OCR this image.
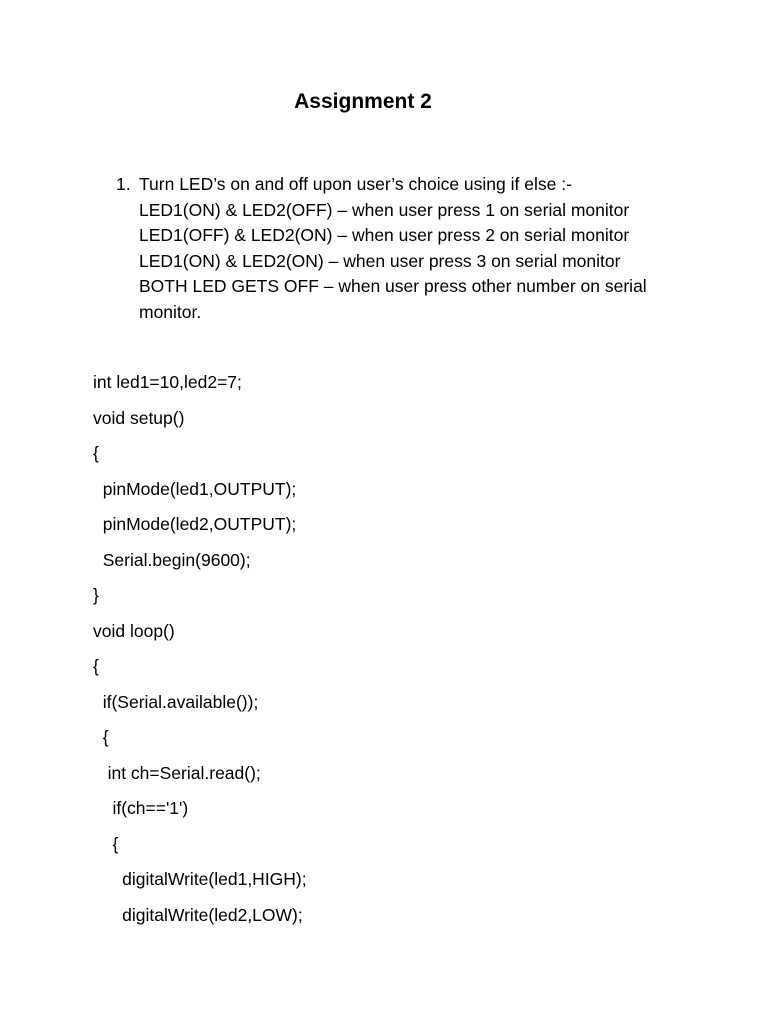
Assignment 2
1. Turn LED’s on and off upon user’s choice using if else :-
LED1(ON) & LED2(OFF) – when user press 1 on serial monitor
LED1(OFF) & LED2(ON) – when user press 2 on serial monitor
LED1(ON) & LED2(ON) – when user press 3 on serial monitor
BOTH LED GETS OFF – when user press other number on serial
monitor.
int led1=10,led2=7;
void setup()
{
pinMode(led1,OUTPUT);
pinMode(led2,OUTPUT);
Serial.begin(9600);
}
void loop()
{
if(Serial.available());
{
int ch=Serial.read();
if(ch=='1')
{
digitalWrite(led1,HIGH);
digitalWrite(led2,LOW);
